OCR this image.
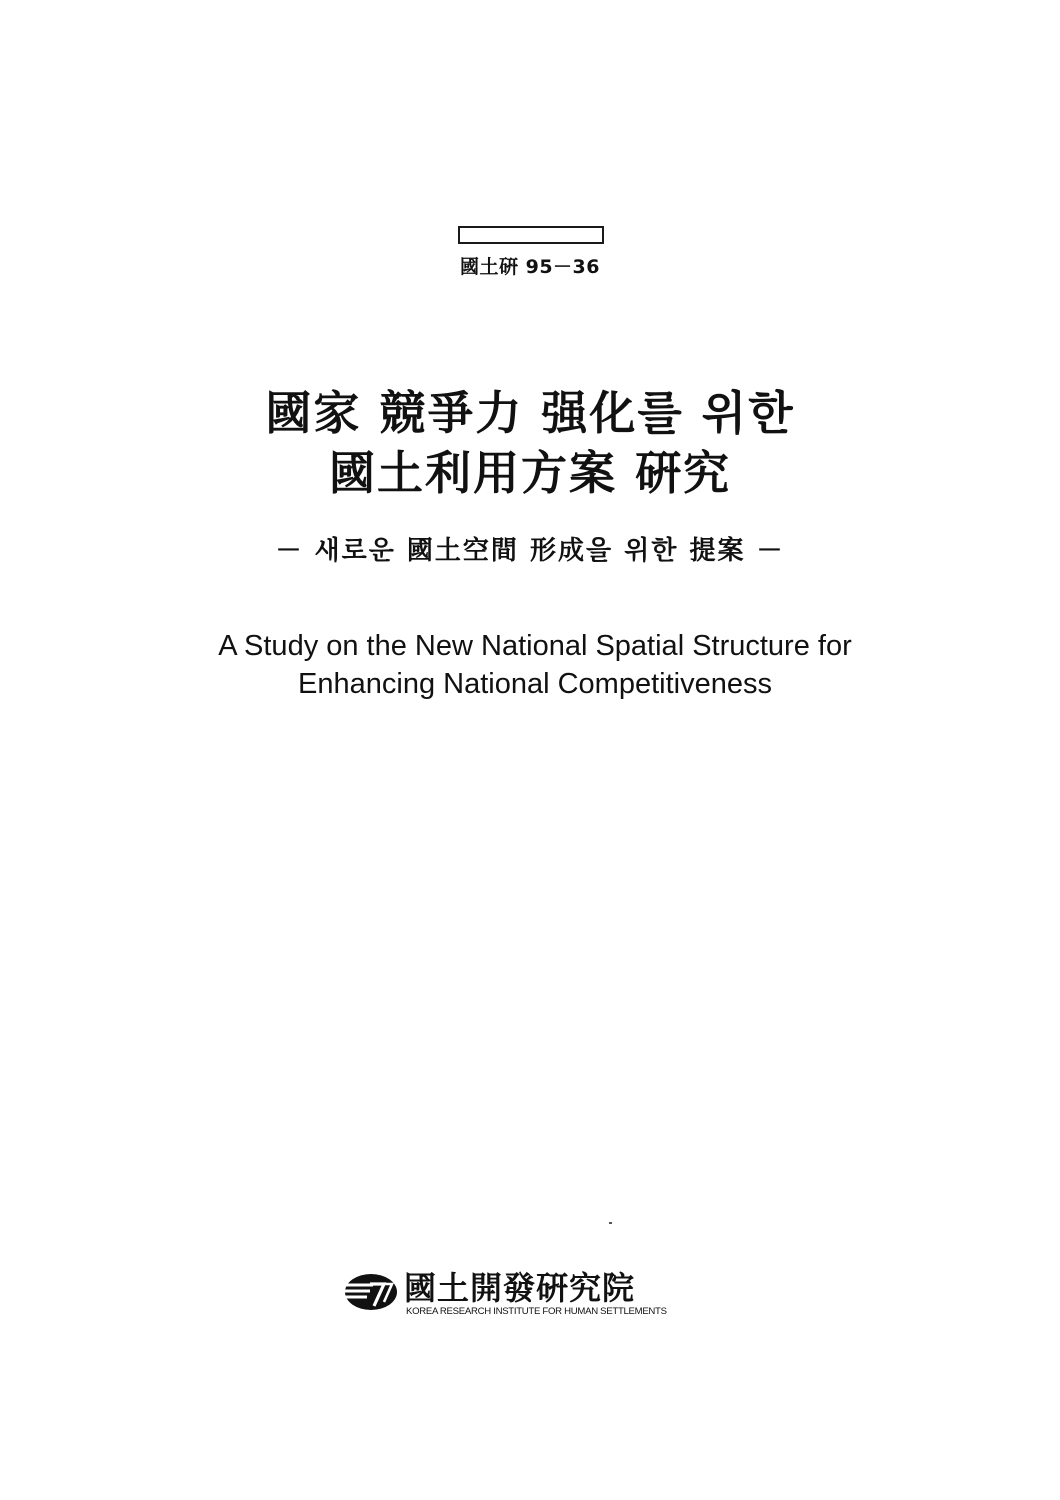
國土硏 95－36
國家 競爭力 强化를 위한
國土利用方案 硏究
－ 새로운 國土空間 形成을 위한 提案 －
A Study on the New National Spatial Structure for
Enhancing National Competitiveness
國土開發硏究院
KOREA RESEARCH INSTITUTE FOR HUMAN SETTLEMENTS
